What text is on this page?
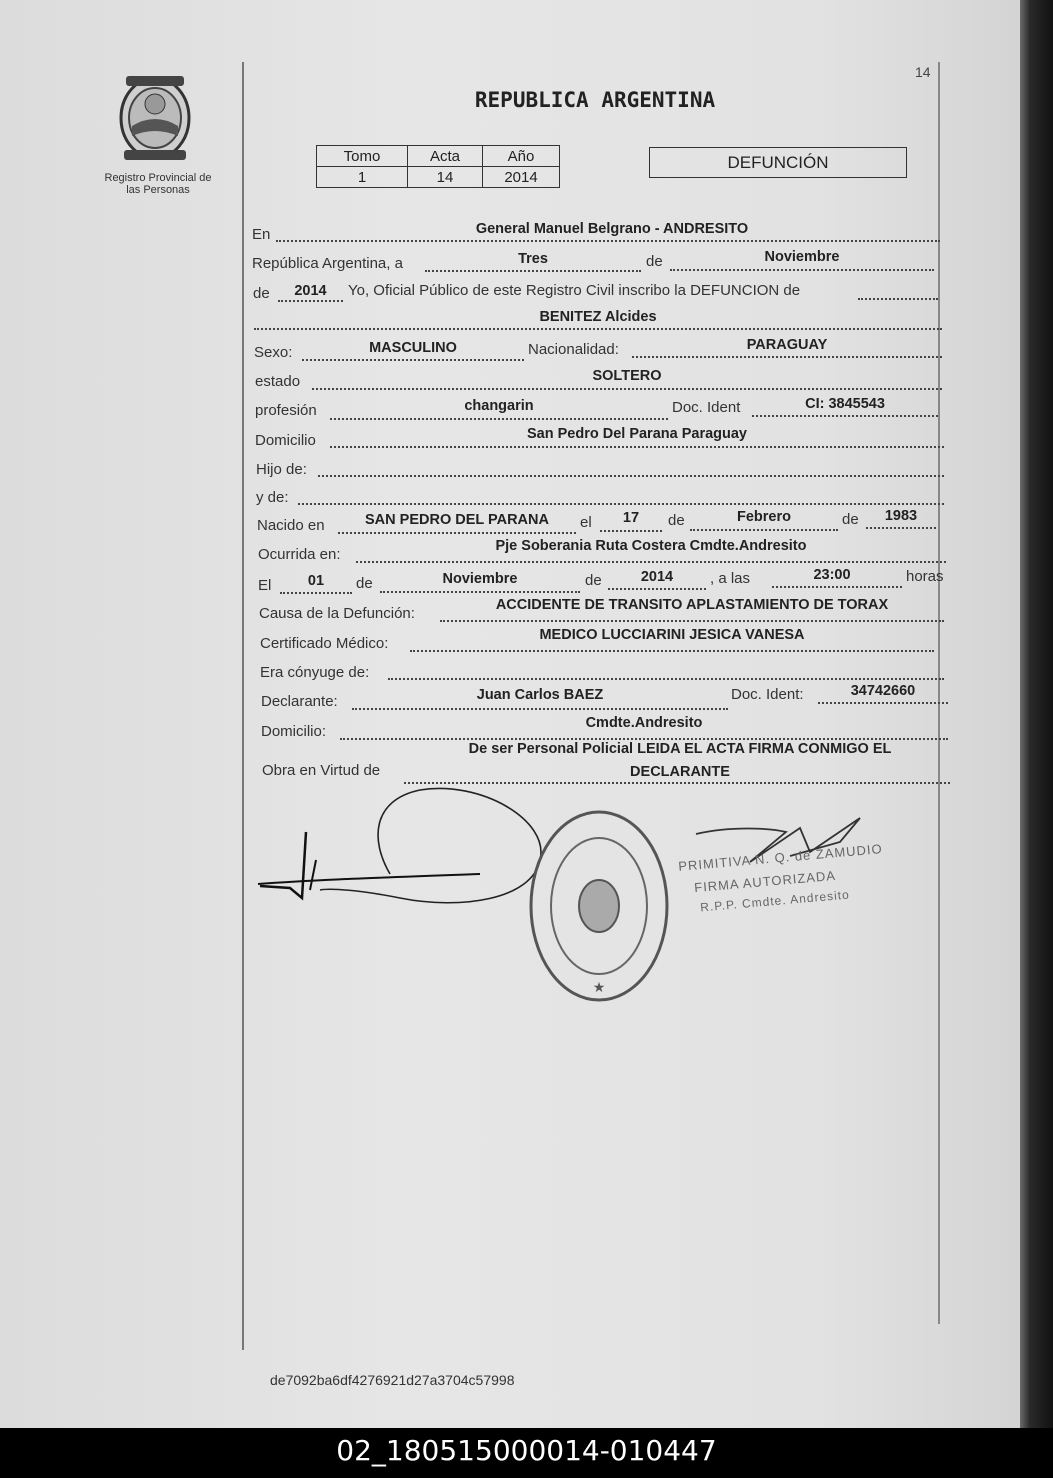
14
Registro Provincial de
las Personas
REPUBLICA ARGENTINA
Tomo	Acta	Año
1	14	2014
DEFUNCIÓN
En	General Manuel Belgrano - ANDRESITO
República Argentina, a	Tres	de	Noviembre
de	2014	Yo, Oficial Público de este Registro Civil inscribo la DEFUNCION de
BENITEZ Alcides
Sexo:	MASCULINO	Nacionalidad:	PARAGUAY
estado	SOLTERO
profesión	changarin	Doc. Ident	CI: 3845543
Domicilio	San Pedro Del Parana Paraguay
Hijo de:
y de:
Nacido en	SAN PEDRO DEL PARANA	el	17	de	Febrero	de	1983
Ocurrida en:	Pje Soberania Ruta Costera Cmdte.Andresito
El	01	de	Noviembre	de	2014	, a las	23:00	horas
Causa de la Defunción:	ACCIDENTE DE TRANSITO APLASTAMIENTO DE TORAX
Certificado Médico:	MEDICO LUCCIARINI JESICA VANESA
Era cónyuge de:
Declarante:	Juan Carlos BAEZ	Doc. Ident:	34742660
Domicilio:	Cmdte.Andresito
Obra en Virtud de
De ser Personal Policial LEIDA EL ACTA FIRMA CONMIGO EL
DECLARANTE
★
PRIMITIVA N. Q. de ZAMUDIO
FIRMA AUTORIZADA
R.P.P. Cmdte. Andresito
de7092ba6df4276921d27a3704c57998
02_180515000014-010447
